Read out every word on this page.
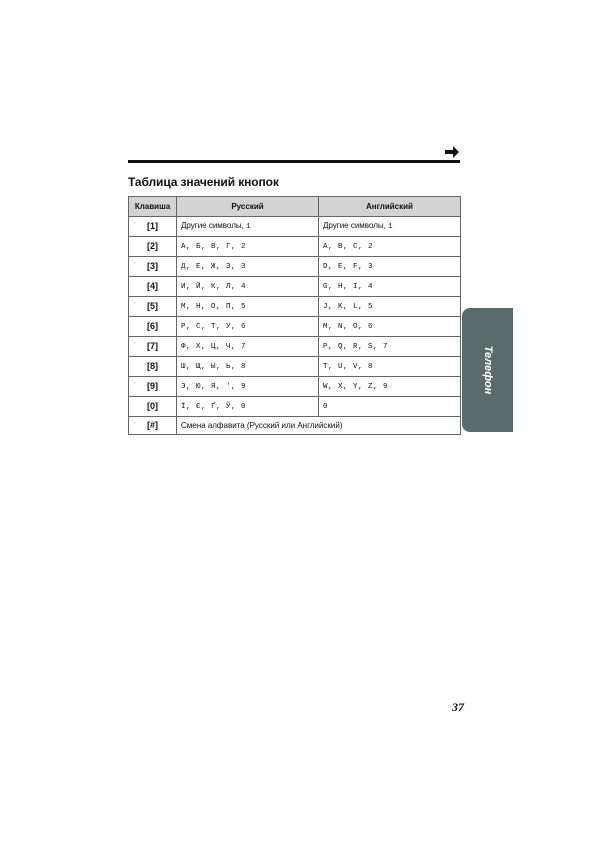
Таблица значений кнопок
Клавиша	Русский	Английский
[1]	Другие символы, 1	Другие символы, 1
[2]	А, Б, В, Г, 2	A, B, C, 2
[3]	Д, Е, Ж, З, 3	D, E, F, 3
[4]	И, Й, К, Л, 4	G, H, I, 4
[5]	М, Н, О, П, 5	J, K, L, 5
[6]	Р, С, Т, У, 6	M, N, O, 6
[7]	Ф, Х, Ц, Ч, 7	P, Q, R, S, 7
[8]	Ш, Щ, Ы, Ь, 8	T, U, V, 8
[9]	Э, Ю, Я, ', 9	W, X, Y, Z, 9
[0]	Ї, Є, Ґ, Ў, 0	0
[#]	Смена алфавита (Русский или Английский)	
Телефон
37
